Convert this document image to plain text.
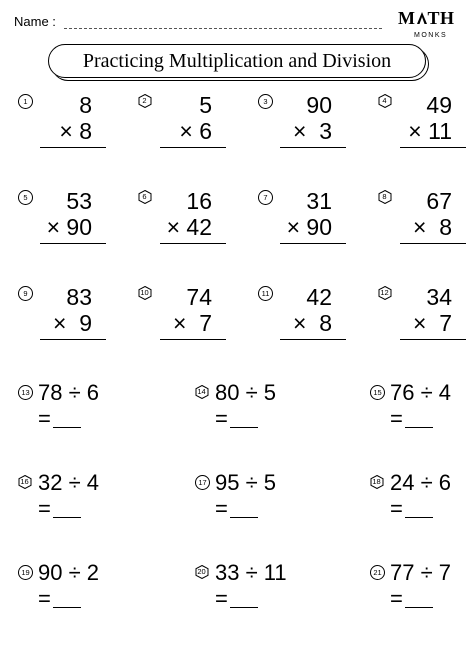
Name :	M TH
MONKS
Practicing Multiplication and Division
1 8
× 8
2 5
× 6
3 90
×  3
4 49
× 11
5 53
× 90
6 16
× 42
7 31
× 90
8 67
×  8
9 83
×  9
10 74
×  7
11 42
×  8
12 34
×  7
13 78 ÷ 6
=
14 80 ÷ 5
=
15 76 ÷ 4
=
16 32 ÷ 4
=
17 95 ÷ 5
=
18 24 ÷ 6
=
19 90 ÷ 2
=
20 33 ÷ 11
=
21 77 ÷ 7
=
